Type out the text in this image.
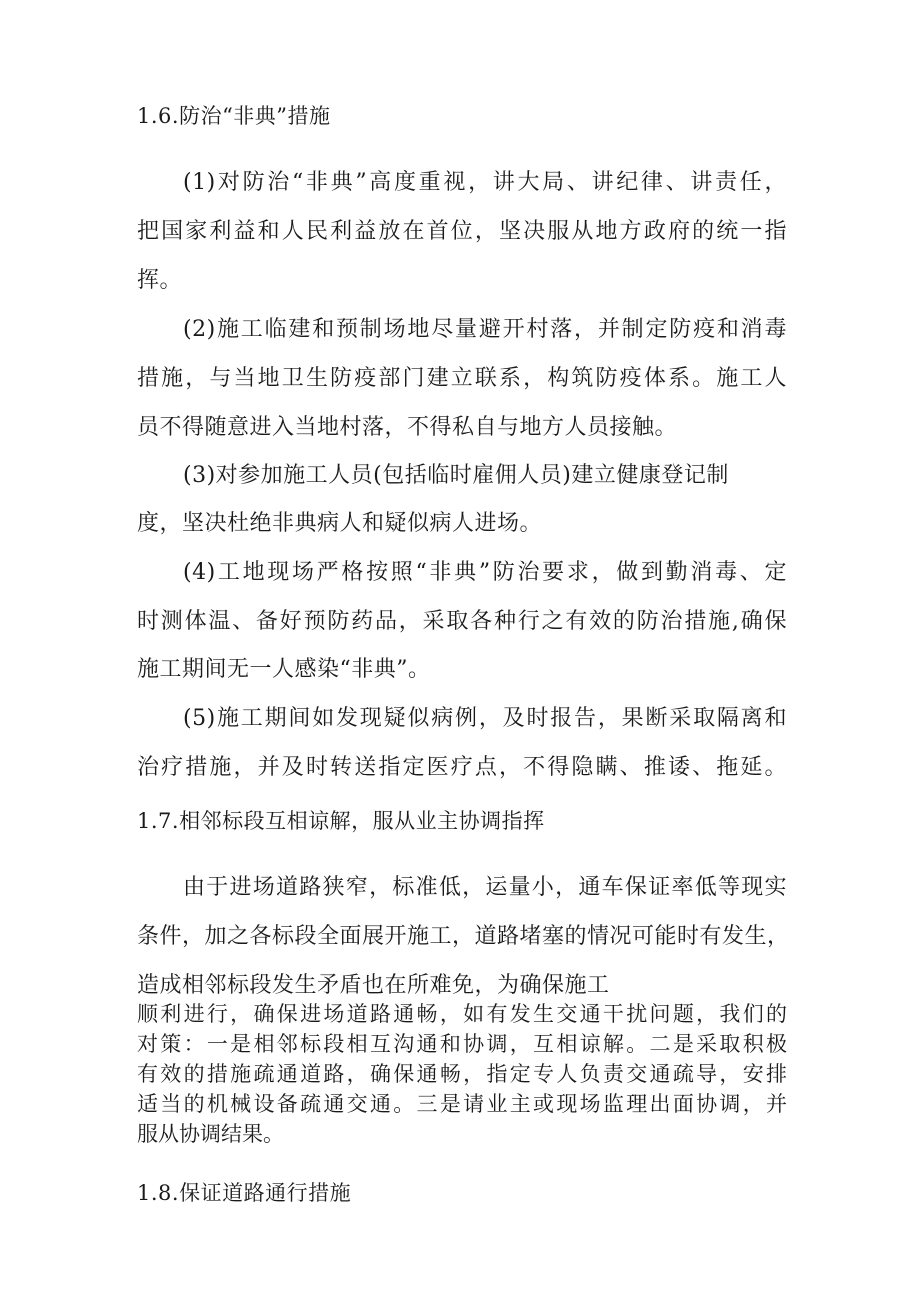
1.6.防治“非典”措施
(1)对防治“非典”高度重视，讲大局、讲纪律、讲责任，
把国家利益和人民利益放在首位，坚决服从地方政府的统一指
挥。
(2)施工临建和预制场地尽量避开村落，并制定防疫和消毒
措施，与当地卫生防疫部门建立联系，构筑防疫体系。施工人
员不得随意进入当地村落，不得私自与地方人员接触。
(3)对参加施工人员(包括临时雇佣人员)建立健康登记制
度，坚决杜绝非典病人和疑似病人进场。
(4)工地现场严格按照“非典”防治要求，做到勤消毒、定
时测体温、备好预防药品，采取各种行之有效的防治措施,确保
施工期间无一人感染“非典”。
(5)施工期间如发现疑似病例，及时报告，果断采取隔离和
治疗措施，并及时转送指定医疗点，不得隐瞒、推诿、拖延。
1.7.相邻标段互相谅解，服从业主协调指挥
由于进场道路狭窄，标准低，运量小，通车保证率低等现实
条件，加之各标段全面展开施工，道路堵塞的情况可能时有发生，
造成相邻标段发生矛盾也在所难免，为确保施工
顺利进行，确保进场道路通畅，如有发生交通干扰问题，我们的
对策：一是相邻标段相互沟通和协调，互相谅解。二是采取积极
有效的措施疏通道路，确保通畅，指定专人负责交通疏导，安排
适当的机械设备疏通交通。三是请业主或现场监理出面协调，并
服从协调结果。
1.8.保证道路通行措施
